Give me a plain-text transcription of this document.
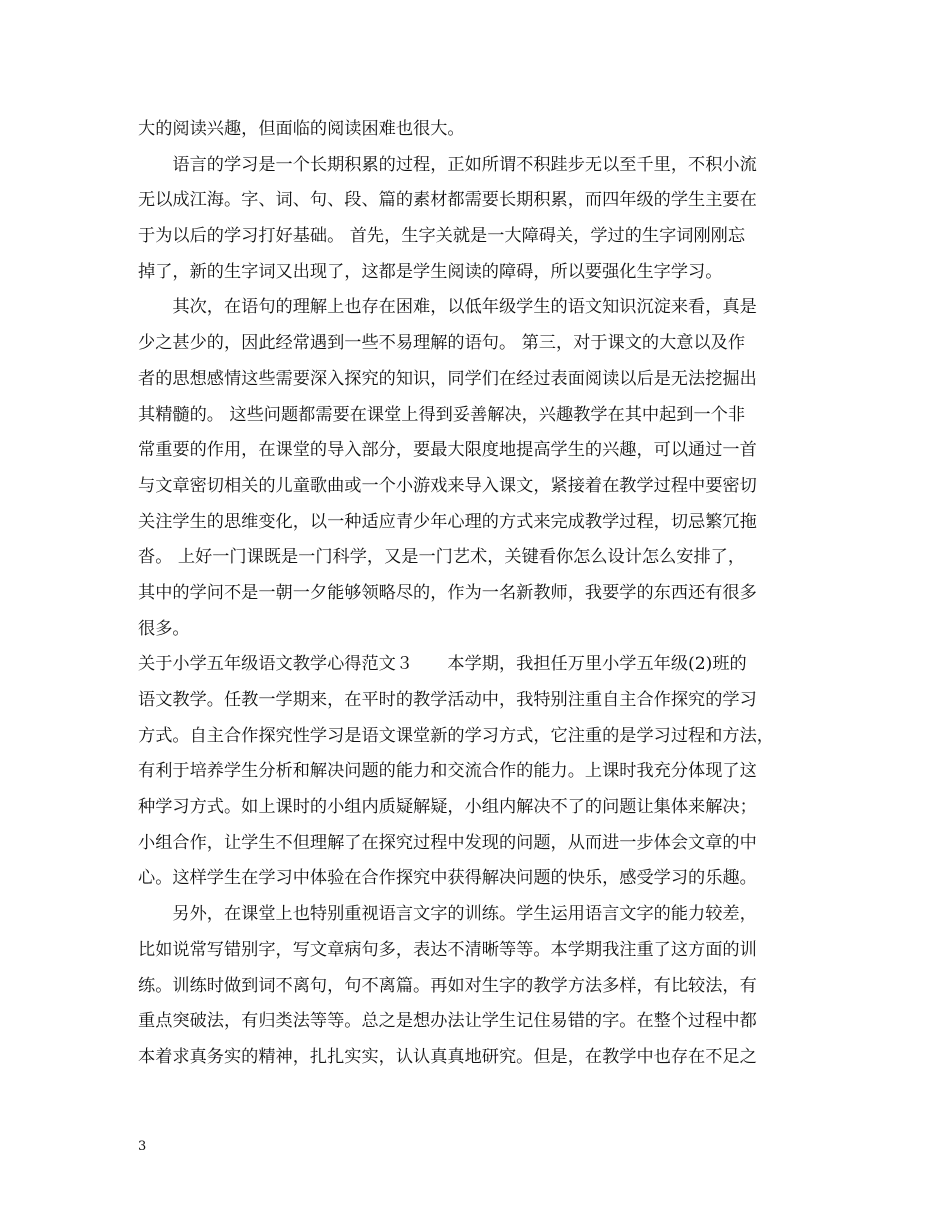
大的阅读兴趣，但面临的阅读困难也很大。
　　语言的学习是一个长期积累的过程，正如所谓不积跬步无以至千里，不积小流
无以成江海。字、词、句、段、篇的素材都需要长期积累，而四年级的学生主要在
于为以后的学习打好基础。 首先，生字关就是一大障碍关，学过的生字词刚刚忘
掉了，新的生字词又出现了，这都是学生阅读的障碍，所以要强化生字学习。
　　其次，在语句的理解上也存在困难，以低年级学生的语文知识沉淀来看，真是
少之甚少的，因此经常遇到一些不易理解的语句。 第三，对于课文的大意以及作
者的思想感情这些需要深入探究的知识，同学们在经过表面阅读以后是无法挖掘出
其精髓的。 这些问题都需要在课堂上得到妥善解决，兴趣教学在其中起到一个非
常重要的作用，在课堂的导入部分，要最大限度地提高学生的兴趣，可以通过一首
与文章密切相关的儿童歌曲或一个小游戏来导入课文，紧接着在教学过程中要密切
关注学生的思维变化，以一种适应青少年心理的方式来完成教学过程，切忌繁冗拖
沓。 上好一门课既是一门科学，又是一门艺术，关键看你怎么设计怎么安排了，
其中的学问不是一朝一夕能够领略尽的，作为一名新教师，我要学的东西还有很多
很多。
关于小学五年级语文教学心得范文３　　本学期，我担任万里小学五年级(2)班的
语文教学。任教一学期来，在平时的教学活动中，我特别注重自主合作探究的学习
方式。自主合作探究性学习是语文课堂新的学习方式，它注重的是学习过程和方法，
有利于培养学生分析和解决问题的能力和交流合作的能力。上课时我充分体现了这
种学习方式。如上课时的小组内质疑解疑，小组内解决不了的问题让集体来解决；
小组合作，让学生不但理解了在探究过程中发现的问题，从而进一步体会文章的中
心。这样学生在学习中体验在合作探究中获得解决问题的快乐，感受学习的乐趣。
　　另外，在课堂上也特别重视语言文字的训练。学生运用语言文字的能力较差，
比如说常写错别字，写文章病句多，表达不清晰等等。本学期我注重了这方面的训
练。训练时做到词不离句，句不离篇。再如对生字的教学方法多样，有比较法，有
重点突破法，有归类法等等。总之是想办法让学生记住易错的字。在整个过程中都
本着求真务实的精神，扎扎实实，认认真真地研究。但是，在教学中也存在不足之
3
